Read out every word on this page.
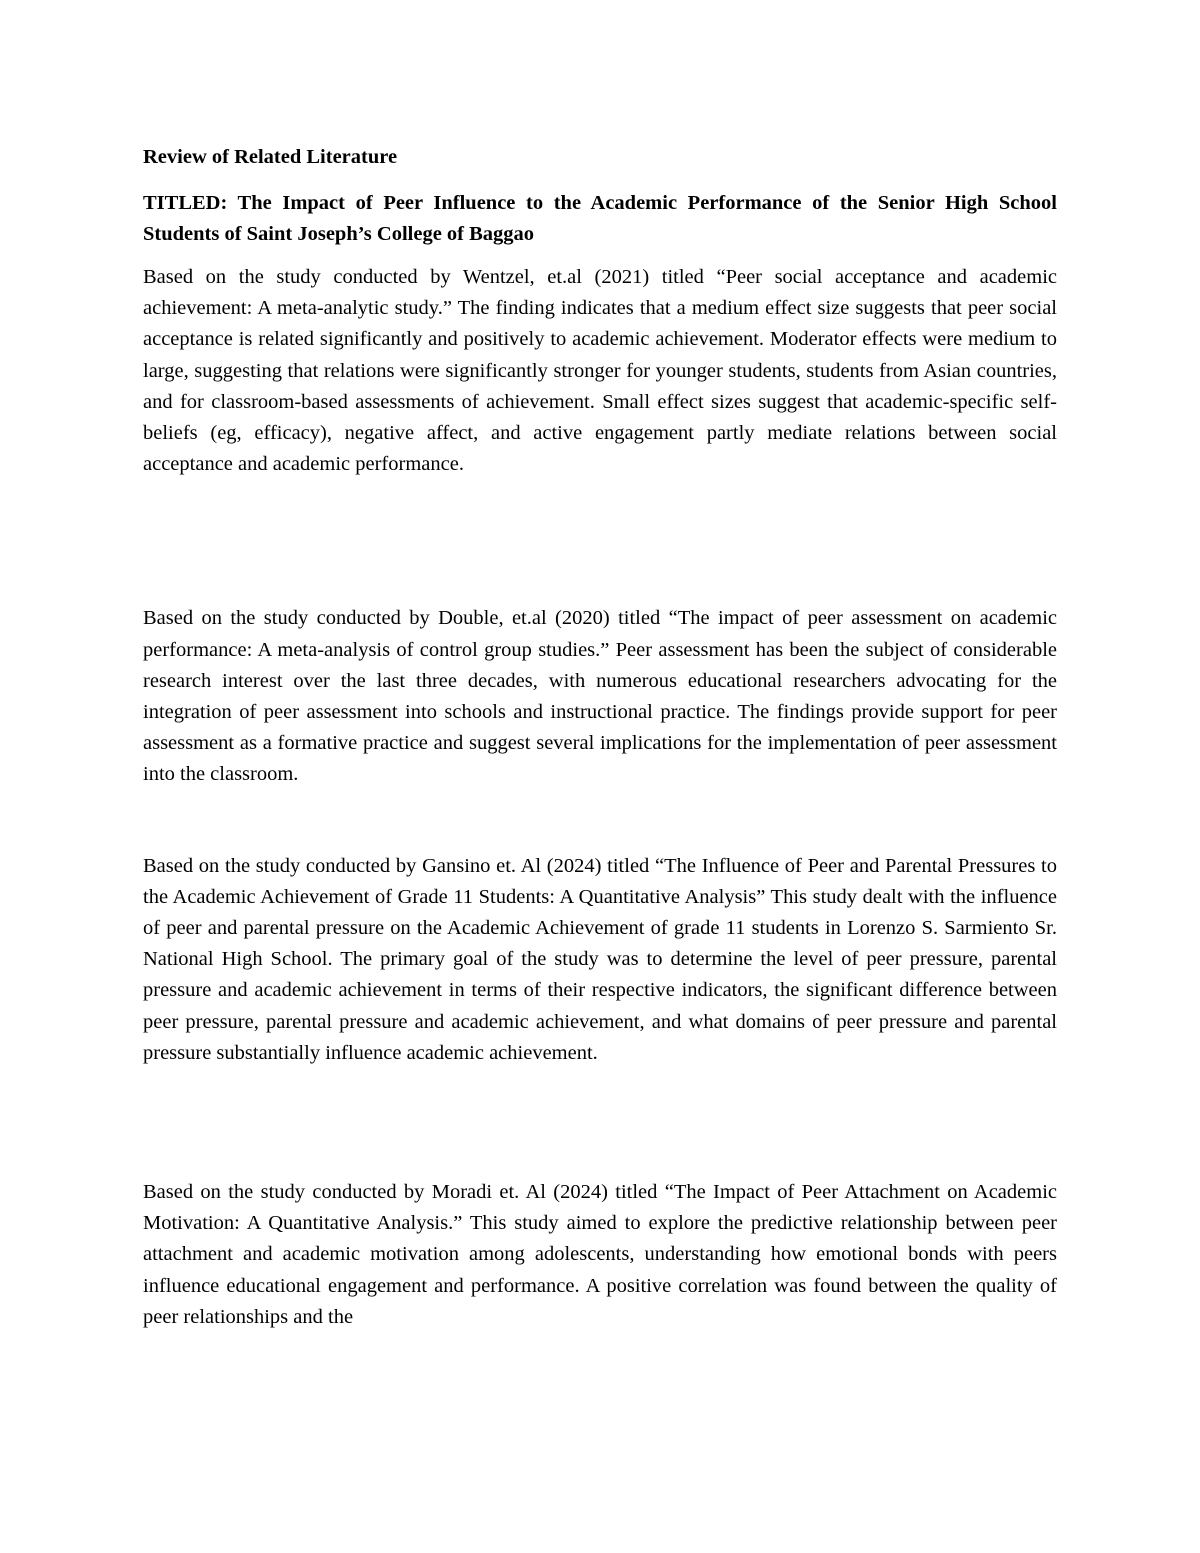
Review of Related Literature

TITLED: The Impact of Peer Influence to the Academic Performance of the Senior High School Students of Saint Joseph’s College of Baggao

Based on the study conducted by Wentzel, et.al (2021) titled “Peer social acceptance and academic achievement: A meta-analytic study.” The finding indicates that a medium effect size suggests that peer social acceptance is related significantly and positively to academic achievement. Moderator effects were medium to large, suggesting that relations were significantly stronger for younger students, students from Asian countries, and for classroom-based assessments of achievement. Small effect sizes suggest that academic-specific self-beliefs (eg, efficacy), negative affect, and active engagement partly mediate relations between social acceptance and academic performance.

Based on the study conducted by Double, et.al (2020) titled “The impact of peer assessment on academic performance: A meta-analysis of control group studies.” Peer assessment has been the subject of considerable research interest over the last three decades, with numerous educational researchers advocating for the integration of peer assessment into schools and instructional practice. The findings provide support for peer assessment as a formative practice and suggest several implications for the implementation of peer assessment into the classroom.

Based on the study conducted by Gansino et. Al (2024) titled “The Influence of Peer and Parental Pressures to the Academic Achievement of Grade 11 Students: A Quantitative Analysis” This study dealt with the influence of peer and parental pressure on the Academic Achievement of grade 11 students in Lorenzo S. Sarmiento Sr. National High School. The primary goal of the study was to determine the level of peer pressure, parental pressure and academic achievement in terms of their respective indicators, the significant difference between peer pressure, parental pressure and academic achievement, and what domains of peer pressure and parental pressure substantially influence academic achievement.

Based on the study conducted by Moradi et. Al (2024) titled “The Impact of Peer Attachment on Academic Motivation: A Quantitative Analysis.” This study aimed to explore the predictive relationship between peer attachment and academic motivation among adolescents, understanding how emotional bonds with peers influence educational engagement and performance. A positive correlation was found between the quality of peer relationships and the
